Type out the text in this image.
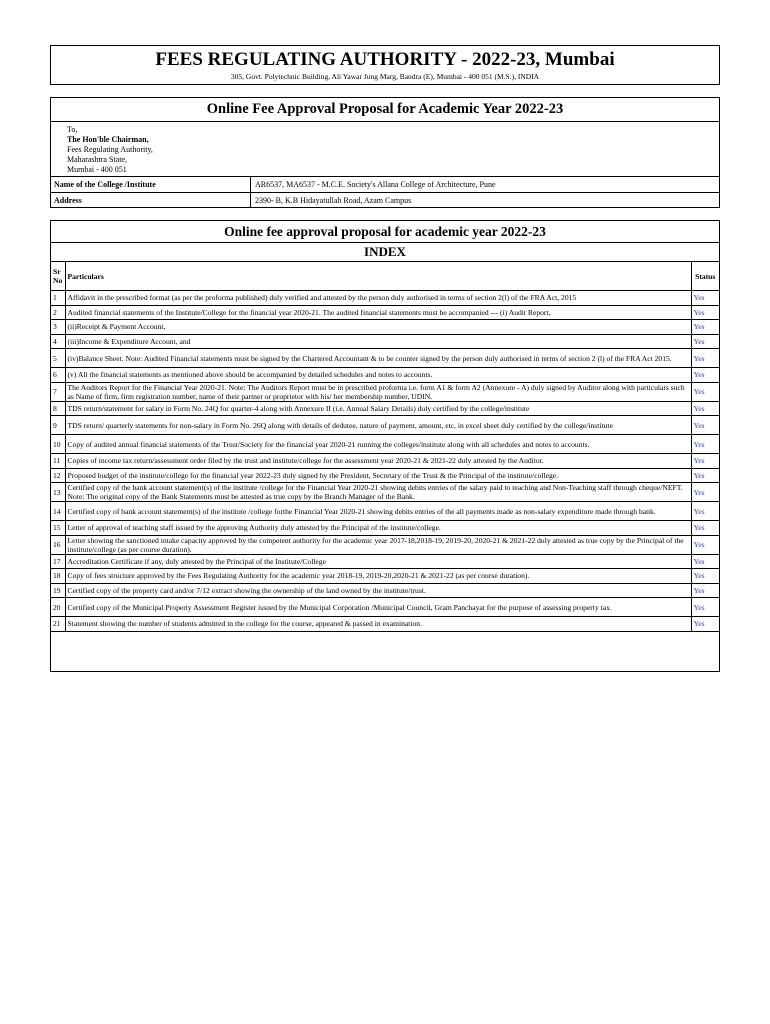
FEES REGULATING AUTHORITY - 2022-23, Mumbai
305, Govt. Polytechnic Building, Ali Yawar Jung Marg, Bandra (E), Mumbai - 400 051 (M.S.), INDIA
Online Fee Approval Proposal for Academic Year 2022-23
To,
The Hon'ble Chairman,
Fees Regulating Authority,
Maharashtra State,
Mumbai - 400 051
Name of the College /Institute	AR6537, MA6537 - M.C.E. Society's Allana College of Architecture, Pune
Address	2390- B, K.B Hidayatullah Road, Azam Campus
Online fee approval proposal for academic year 2022-23
INDEX
Sr No	Particulars	Status
1	Affidavit in the prescribed format (as per the proforma published) duly verified and attested by the person duly authorised in terms of section 2(l) of the FRA Act, 2015	Yes
2	Audited financial statements of the Institute/College for the financial year 2020-21. The audited financial statements must be accompanied --- (i) Audit Report,	Yes
3	(ii)Receipt & Payment Account,	Yes
4	(iii)Income & Expenditure Account, and	Yes
5	(iv)Balance Sheet. Note: Audited Financial statements must be signed by the Chartered Accountant & to be counter signed by the person duly authorised in terms of section 2 (l) of the FRA Act 2015.	Yes
6	(v) All the financial statements as mentioned above should be accompanied by detailed schedules and notes to accounts.	Yes
7	The Auditors Report for the Financial Year 2020-21. Note: The Auditors Report must be in prescribed proforma i.e. form A1 & form A2 (Annexure - A) duly signed by Auditor along with particulars such as Name of firm, firm registration number, name of their partner or proprietor with his/ her membership number, UDIN.	Yes
8	TDS return/statement for salary in Form No. 24Q for quarter-4 along with Annexure II (i.e. Annual Salary Details) duly certified by the college/institute	Yes
9	TDS return/ quarterly statements for non-salary in Form No. 26Q along with details of dedutee, nature of payment, amount, etc, in excel sheet duly certified by the college/institute	Yes
10	Copy of audited annual financial statements of the Trust/Society for the financial year 2020-21 running the colleges/institute along with all schedules and notes to accounts.	Yes
11	Copies of income tax return/assessment order filed by the trust and institute/college for the assessment year 2020-21 & 2021-22 duly attested by the Auditor.	Yes
12	Proposed budget of the institute/college for the financial year 2022-23 duly signed by the President, Secretary of the Trust & the Principal of the institute/college.	Yes
13	Certified copy of the bank account statement(s) of the institute /college for the Financial Year 2020-21 showing debits entries of the salary paid to teaching and Non-Teaching staff through cheque/NEFT. Note: The original copy of the Bank Statements must be attested as true copy by the Branch Manager of the Bank.	Yes
14	Certified copy of bank account statement(s) of the institute /college forthe Financial Year 2020-21 showing debits entries of the all payments made as non-salary expenditure made through bank.	Yes
15	Letter of approval of teaching staff issued by the approving Authority duly attested by the Principal of the institute/college.	Yes
16	Letter showing the sanctioned intake capacity approved by the competent authority for the academic year 2017-18,2018-19, 2019-20, 2020-21 & 2021-22 duly attested as true copy by the Principal of the institute/college (as per course duration).	Yes
17	Accreditation Certificate if any, duly attested by the Principal of the Institute/College	Yes
18	Copy of fees structure approved by the Fees Regulating Authority for the academic year 2018-19, 2019-20,2020-21 & 2021-22 (as per course duration).	Yes
19	Certified copy of the property card and/or 7/12 extract showing the ownership of the land owned by the institute/trust.	Yes
20	Certified copy of the Municipal Property Assessment Register issued by the Municipal Corporation /Municipal Council, Gram Panchayat for the purpose of assessing property tax.	Yes
21	Statement showing the number of students admitted in the college for the course, appeared & passed in examination.	Yes
